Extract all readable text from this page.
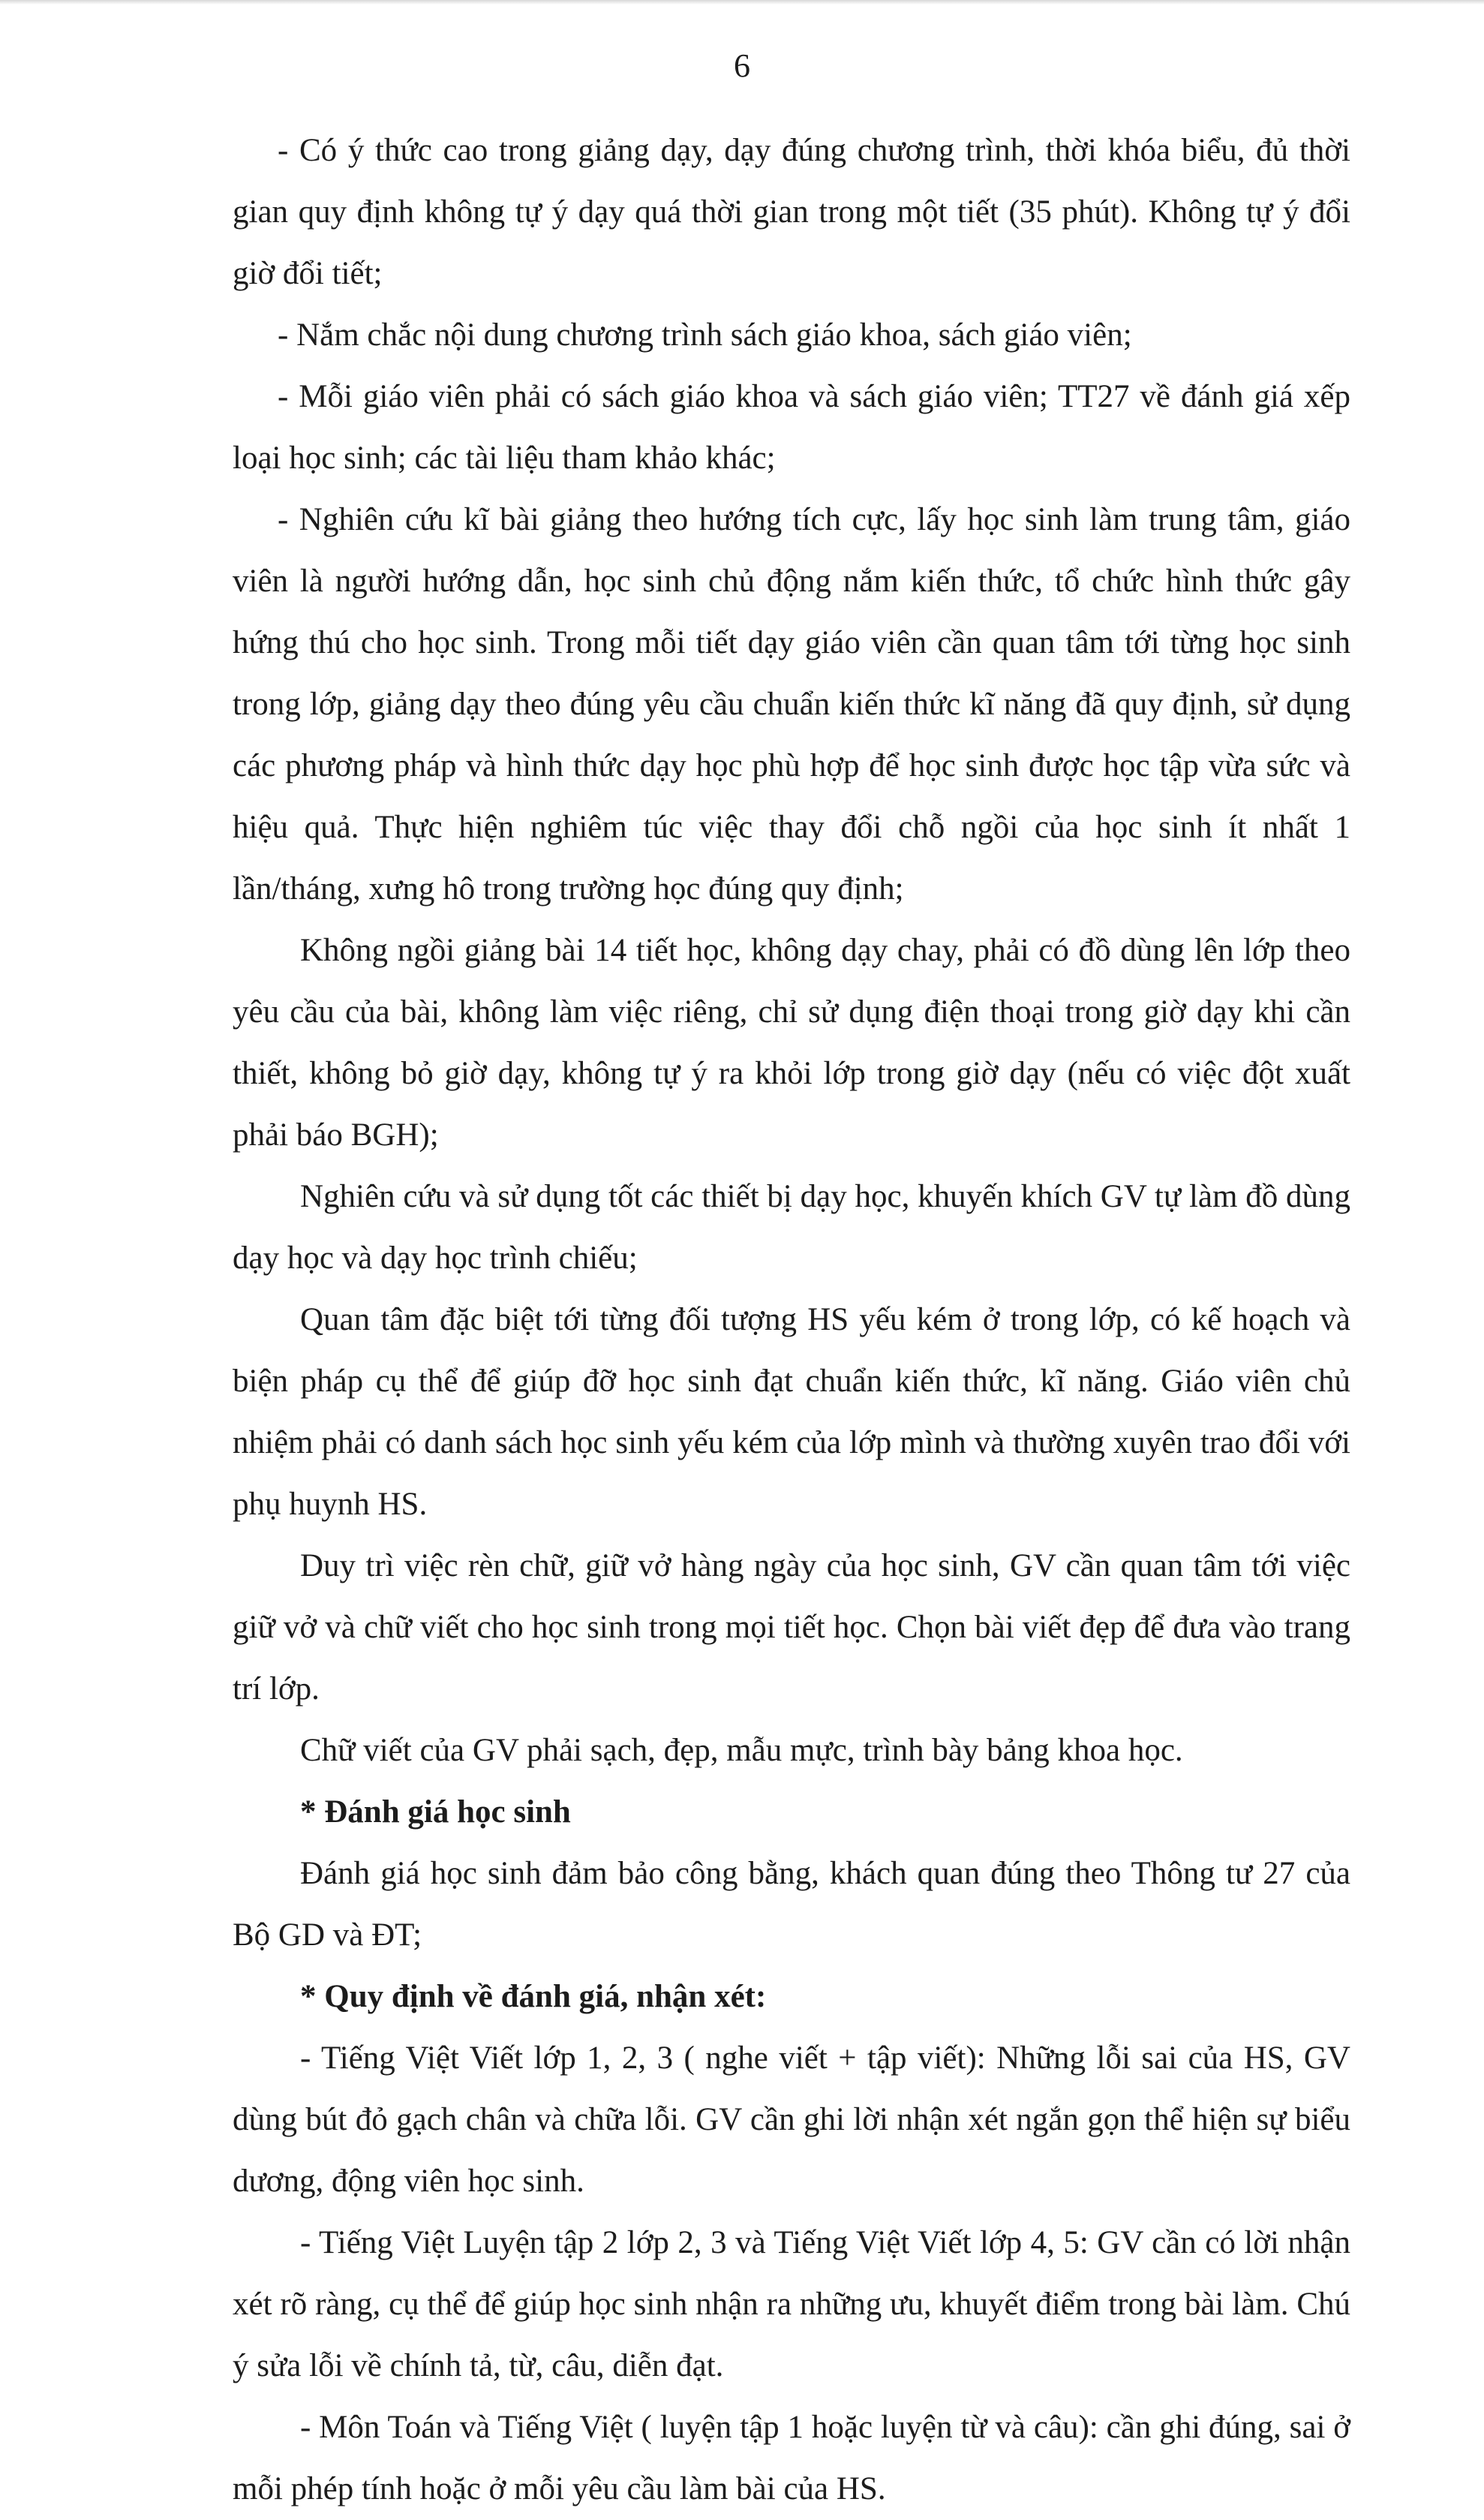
6

- Có ý thức cao trong giảng dạy, dạy đúng chương trình, thời khóa biểu, đủ thời gian quy định không tự ý dạy quá thời gian trong một tiết (35 phút). Không tự ý đổi giờ đổi tiết;

- Nắm chắc nội dung chương trình sách giáo khoa, sách giáo viên;

- Mỗi giáo viên phải có sách giáo khoa và sách giáo viên; TT27 về đánh giá xếp loại học sinh; các tài liệu tham khảo khác;

- Nghiên cứu kĩ bài giảng theo hướng tích cực, lấy học sinh làm trung tâm, giáo viên là người hướng dẫn, học sinh chủ động nắm kiến thức, tổ chức hình thức gây hứng thú cho học sinh. Trong mỗi tiết dạy giáo viên cần quan tâm tới từng học sinh trong lớp, giảng dạy theo đúng yêu cầu chuẩn kiến thức kĩ năng đã quy định, sử dụng các phương pháp và hình thức dạy học phù hợp để học sinh được học tập vừa sức và hiệu quả. Thực hiện nghiêm túc việc thay đổi chỗ ngồi của học sinh ít nhất 1 lần/tháng, xưng hô trong trường học đúng quy định;

Không ngồi giảng bài 14 tiết học, không dạy chay, phải có đồ dùng lên lớp theo yêu cầu của bài, không làm việc riêng, chỉ sử dụng điện thoại trong giờ dạy khi cần thiết, không bỏ giờ dạy, không tự ý ra khỏi lớp trong giờ dạy (nếu có việc đột xuất phải báo BGH);

Nghiên cứu và sử dụng tốt các thiết bị dạy học, khuyến khích GV tự làm đồ dùng dạy học và dạy học trình chiếu;

Quan tâm đặc biệt tới từng đối tượng HS yếu kém ở trong lớp, có kế hoạch và biện pháp cụ thể để giúp đỡ học sinh đạt chuẩn kiến thức, kĩ năng. Giáo viên chủ nhiệm phải có danh sách học sinh yếu kém của lớp mình và thường xuyên trao đổi với phụ huynh HS.

Duy trì việc rèn chữ, giữ vở hàng ngày của học sinh, GV cần quan tâm tới việc giữ vở và chữ viết cho học sinh trong mọi tiết học. Chọn bài viết đẹp để đưa vào trang trí lớp.

Chữ viết của GV phải sạch, đẹp, mẫu mực, trình bày bảng khoa học.

* Đánh giá học sinh

Đánh giá học sinh đảm bảo công bằng, khách quan đúng theo Thông tư 27 của Bộ GD và ĐT;

* Quy định về đánh giá, nhận xét:

- Tiếng Việt Viết lớp 1, 2, 3 ( nghe viết + tập viết): Những lỗi sai của HS, GV dùng bút đỏ gạch chân và chữa lỗi. GV cần ghi lời nhận xét ngắn gọn thể hiện sự biểu dương, động viên học sinh.

- Tiếng Việt Luyện tập 2 lớp 2, 3 và Tiếng Việt Viết lớp 4, 5: GV cần có lời nhận xét rõ ràng, cụ thể để giúp học sinh nhận ra những ưu, khuyết điểm trong bài làm. Chú ý sửa lỗi về chính tả, từ, câu, diễn đạt.

- Môn Toán và Tiếng Việt ( luyện tập 1 hoặc luyện từ và câu): cần ghi đúng, sai ở mỗi phép tính hoặc ở mỗi yêu cầu làm bài của HS.
